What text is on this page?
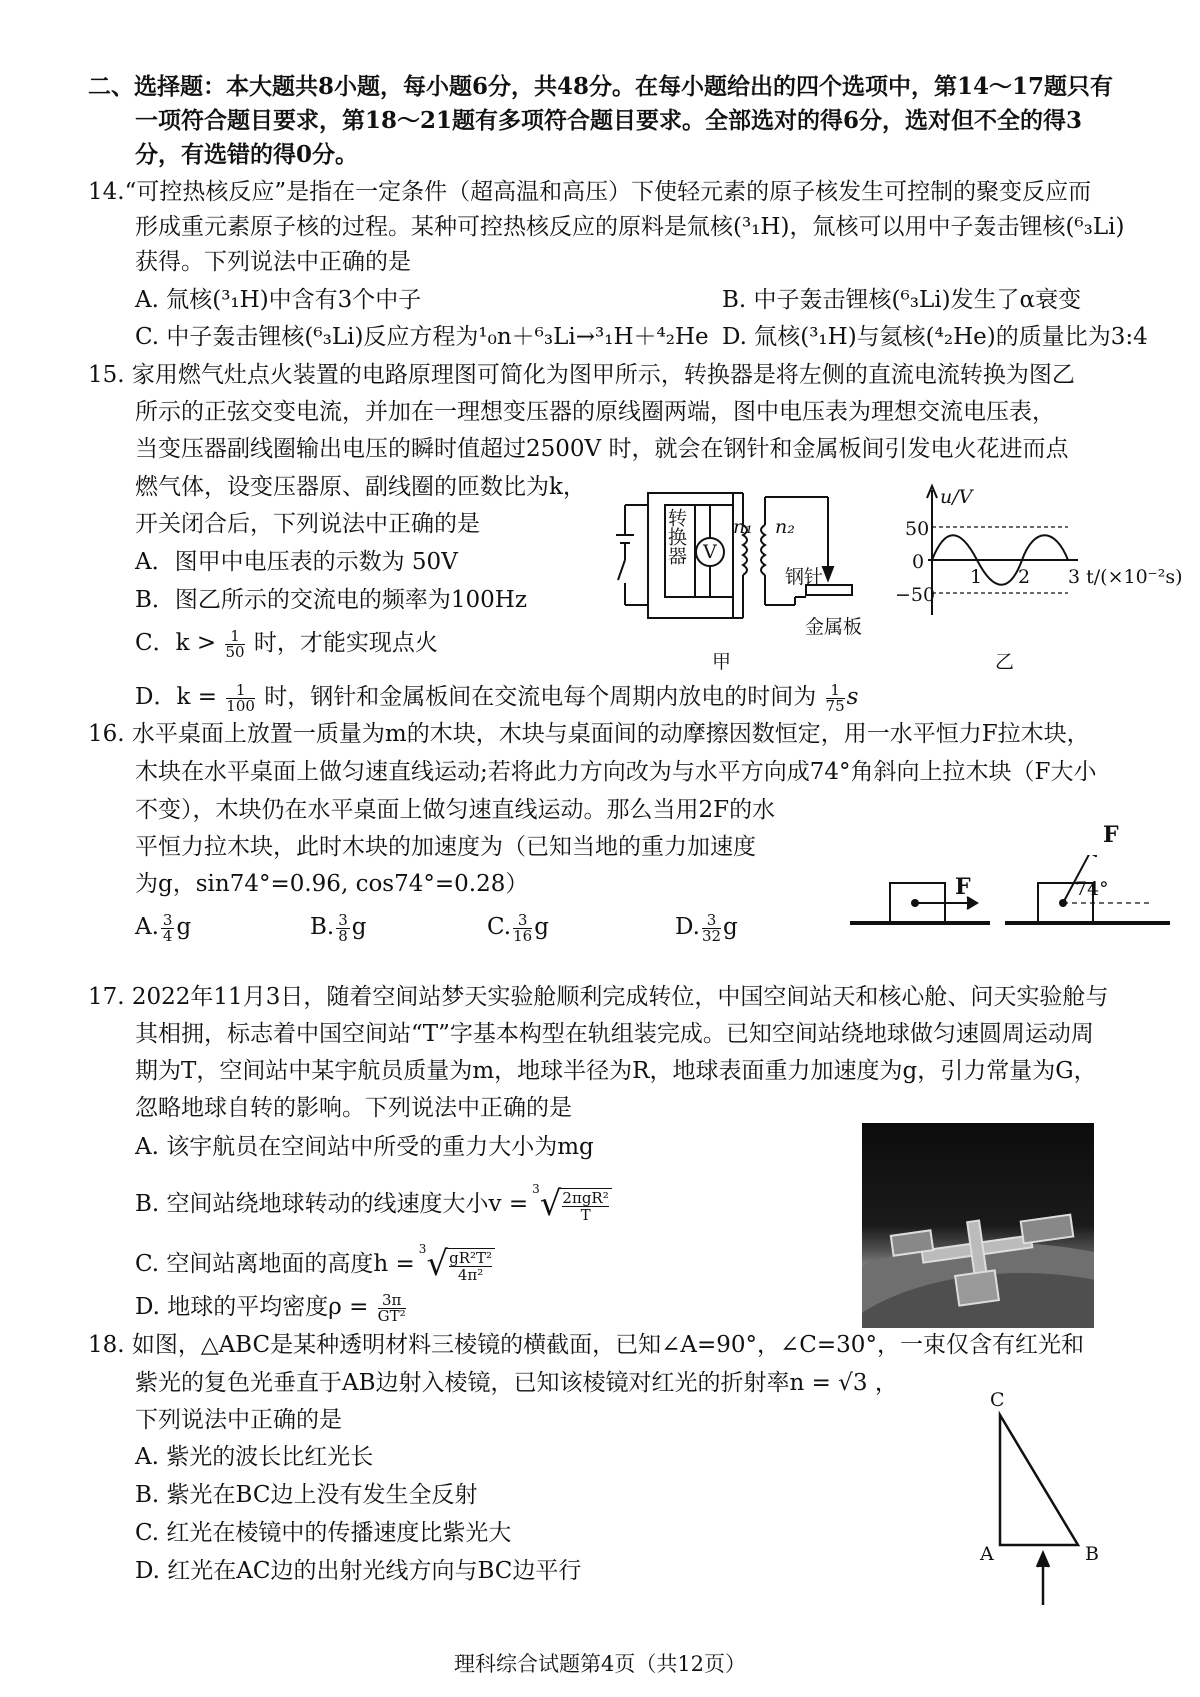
二、选择题：本大题共8小题，每小题6分，共48分。在每小题给出的四个选项中，第14～17题只有
一项符合题目要求，第18～21题有多项符合题目要求。全部选对的得6分，选对但不全的得3
分，有选错的得0分。
14.“可控热核反应”是指在一定条件（超高温和高压）下使轻元素的原子核发生可控制的聚变反应而
形成重元素原子核的过程。某种可控热核反应的原料是氚核(³₁H)，氚核可以用中子轰击锂核(⁶₃Li)
获得。下列说法中正确的是
A. 氚核(³₁H)中含有3个中子	B. 中子轰击锂核(⁶₃Li)发生了α衰变
C. 中子轰击锂核(⁶₃Li)反应方程为¹₀n＋⁶₃Li→³₁H＋⁴₂He D. 氚核(³₁H)与氦核(⁴₂He)的质量比为3:4
15. 家用燃气灶点火装置的电路原理图可简化为图甲所示，转换器是将左侧的直流电流转换为图乙
所示的正弦交变电流，并加在一理想变压器的原线圈两端，图中电压表为理想交流电压表，
当变压器副线圈输出电压的瞬时值超过2500V 时，就会在钢针和金属板间引发电火花进而点
燃气体，设变压器原、副线圈的匝数比为k，
开关闭合后，下列说法中正确的是
A．图甲中电压表的示数为 50V
B．图乙所示的交流电的频率为100Hz
C．$k > \frac{1}{50}$ 时，才能实现点火
D．$k = \frac{1}{100}$ 时，钢针和金属板间在交流电每个周期内放电的时间为 $\frac{1}{75}$ s
转换器 V
n₁ n₂
钢针
金属板
甲
u/V
50
0
−50
1 2 3 t/(×10⁻²s)
乙
16. 水平桌面上放置一质量为m的木块，木块与桌面间的动摩擦因数恒定，用一水平恒力F拉木块，
木块在水平桌面上做匀速直线运动;若将此力方向改为与水平方向成74°角斜向上拉木块（F大小
不变），木块仍在水平桌面上做匀速直线运动。那么当用2F的水
平恒力拉木块，此时木块的加速度为（已知当地的重力加速度
为g，sin74°=0.96, cos74°=0.28）
A. $\frac{3}{4}$ g	B. $\frac{3}{8}$ g	C. $\frac{3}{16}$ g	D. $\frac{3}{32}$ g
F
F
74°
17. 2022年11月3日，随着空间站梦天实验舱顺利完成转位，中国空间站天和核心舱、问天实验舱与
其相拥，标志着中国空间站“T”字基本构型在轨组装完成。已知空间站绕地球做匀速圆周运动周
期为T，空间站中某宇航员质量为m，地球半径为R，地球表面重力加速度为g，引力常量为G，
忽略地球自转的影响。下列说法中正确的是
A. 该宇航员在空间站中所受的重力大小为mg
B. 空间站绕地球转动的线速度大小v =$^3$√ 2πgR²
T
C. 空间站离地面的高度h =$^3$√
$\frac{\text{gR²T²}}{\text{4π²}}$
D. 地球的平均密度$\rho = \frac{3\pi}{\text{GT²}}$
18. 如图，△ABC是某种透明材料三棱镜的横截面，已知∠A=90°，∠C=30°，一束仅含有红光和
紫光的复色光垂直于AB边射入棱镜，已知该棱镜对红光的折射率n = √3 ，
下列说法中正确的是
A. 紫光的波长比红光长
B. 紫光在BC边上没有发生全反射
C. 红光在棱镜中的传播速度比紫光大
D. 红光在AC边的出射光线方向与BC边平行
C
A	B
理科综合试题第4页（共12页）
